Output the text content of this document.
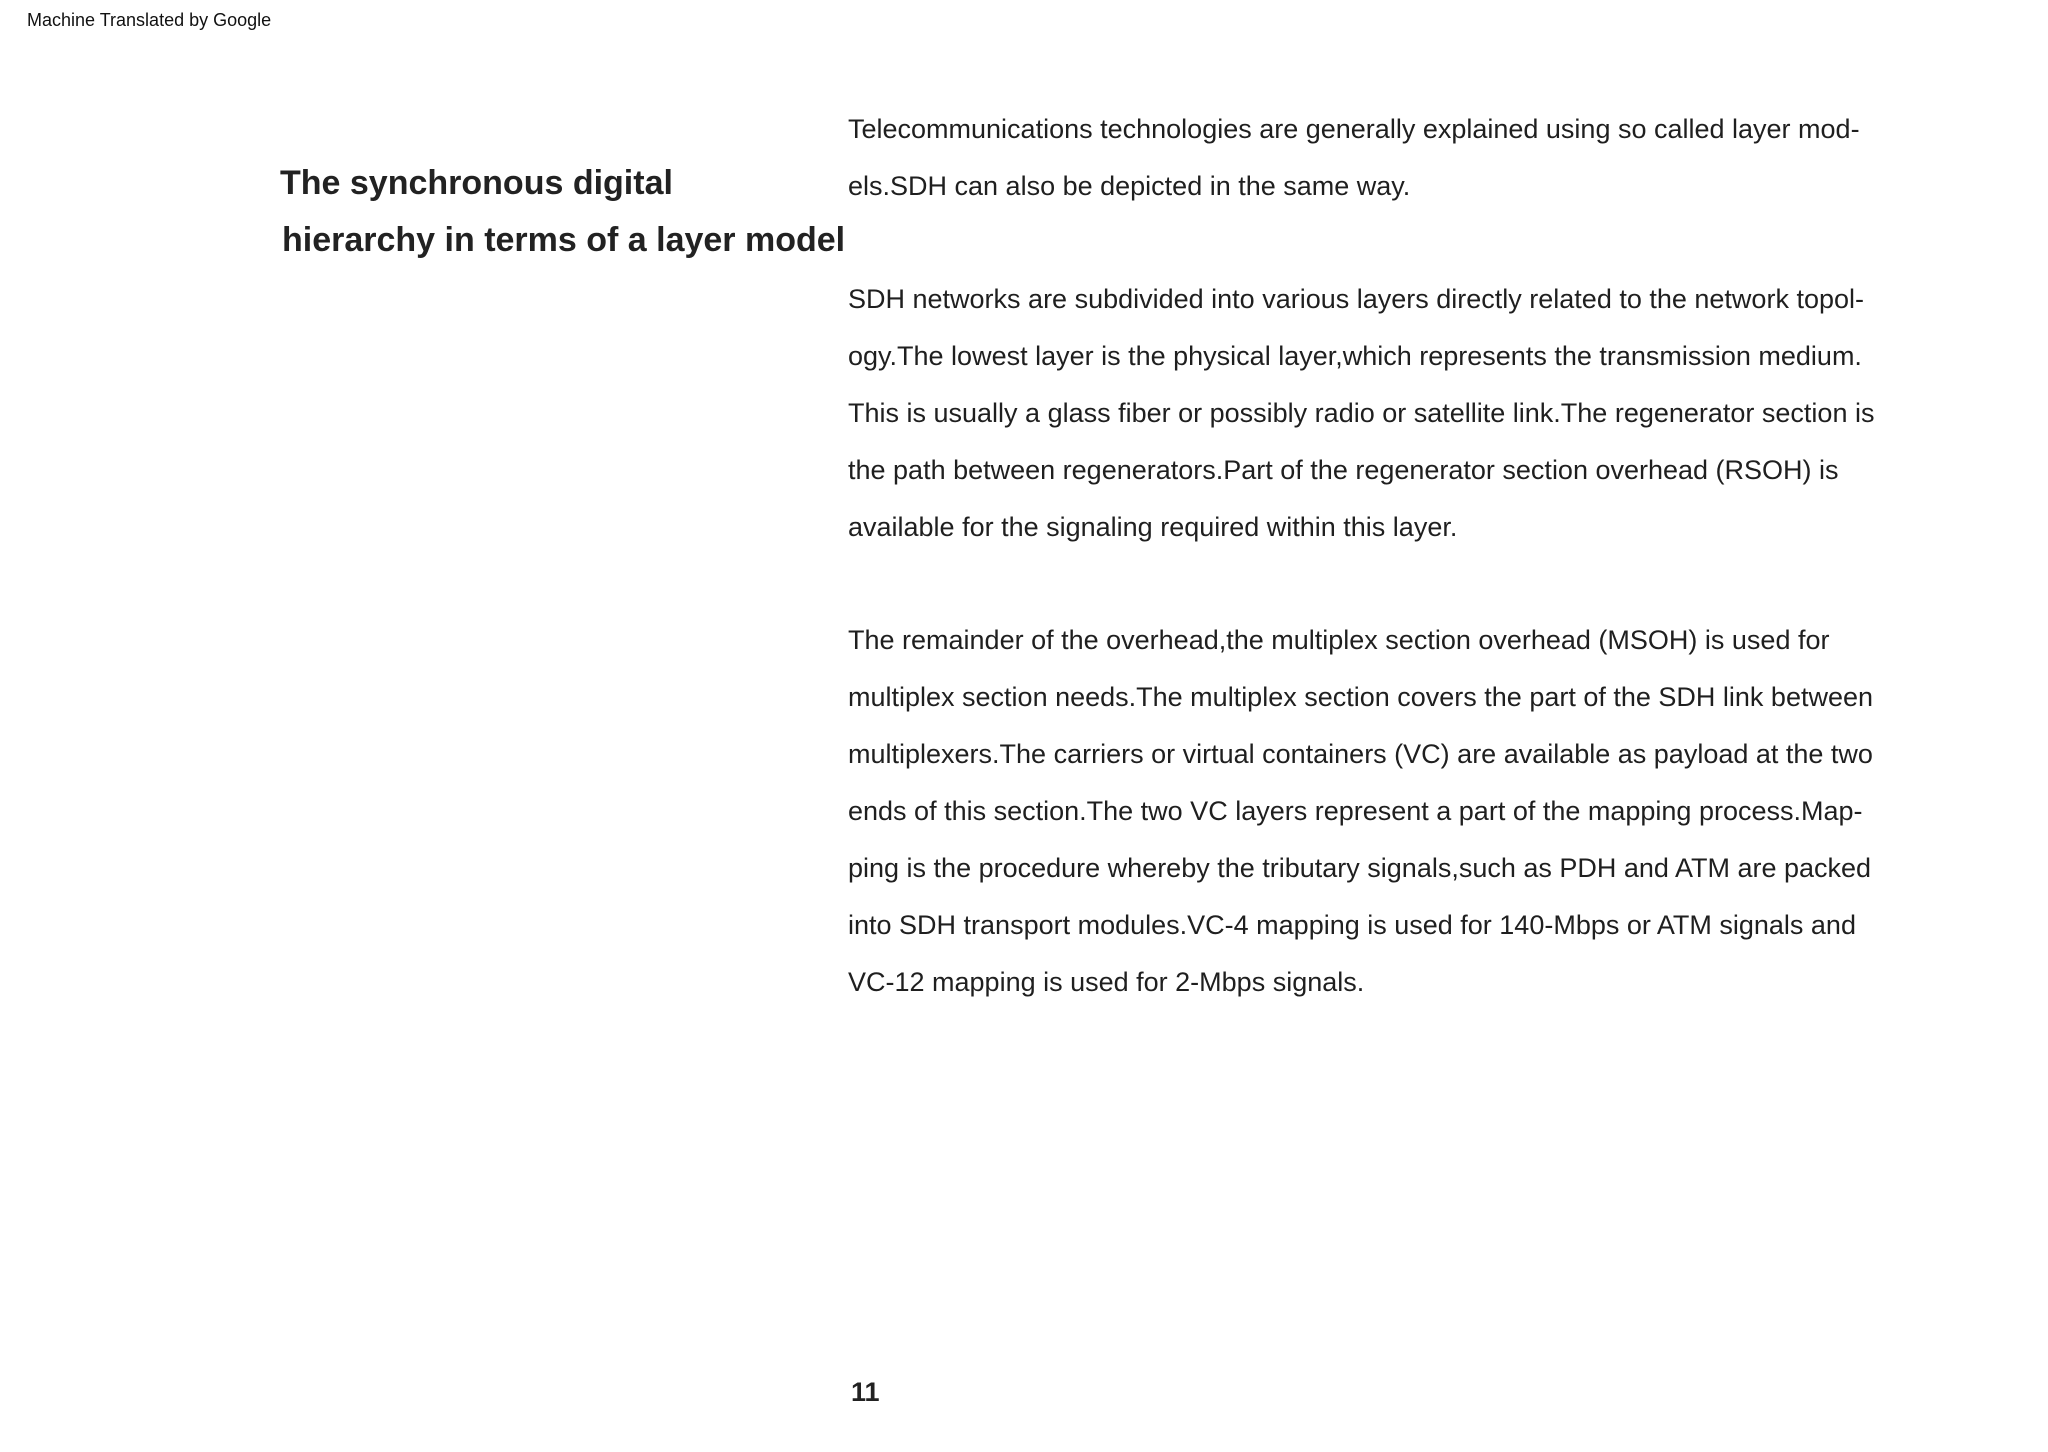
Machine Translated by Google
The synchronous digital
hierarchy in terms of a layer model

Telecommunications technologies are generally explained using so called layer mod-
els.SDH can also be depicted in the same way.

SDH networks are subdivided into various layers directly related to the network topol-
ogy.The lowest layer is the physical layer,which represents the transmission medium.
This is usually a glass fiber or possibly radio or satellite link.The regenerator section is
the path between regenerators.Part of the regenerator section overhead (RSOH) is
available for the signaling required within this layer.

The remainder of the overhead,the multiplex section overhead (MSOH) is used for
multiplex section needs.The multiplex section covers the part of the SDH link between
multiplexers.The carriers or virtual containers (VC) are available as payload at the two
ends of this section.The two VC layers represent a part of the mapping process.Map-
ping is the procedure whereby the tributary signals,such as PDH and ATM are packed
into SDH transport modules.VC-4 mapping is used for 140-Mbps or ATM signals and
VC-12 mapping is used for 2-Mbps signals.

11
